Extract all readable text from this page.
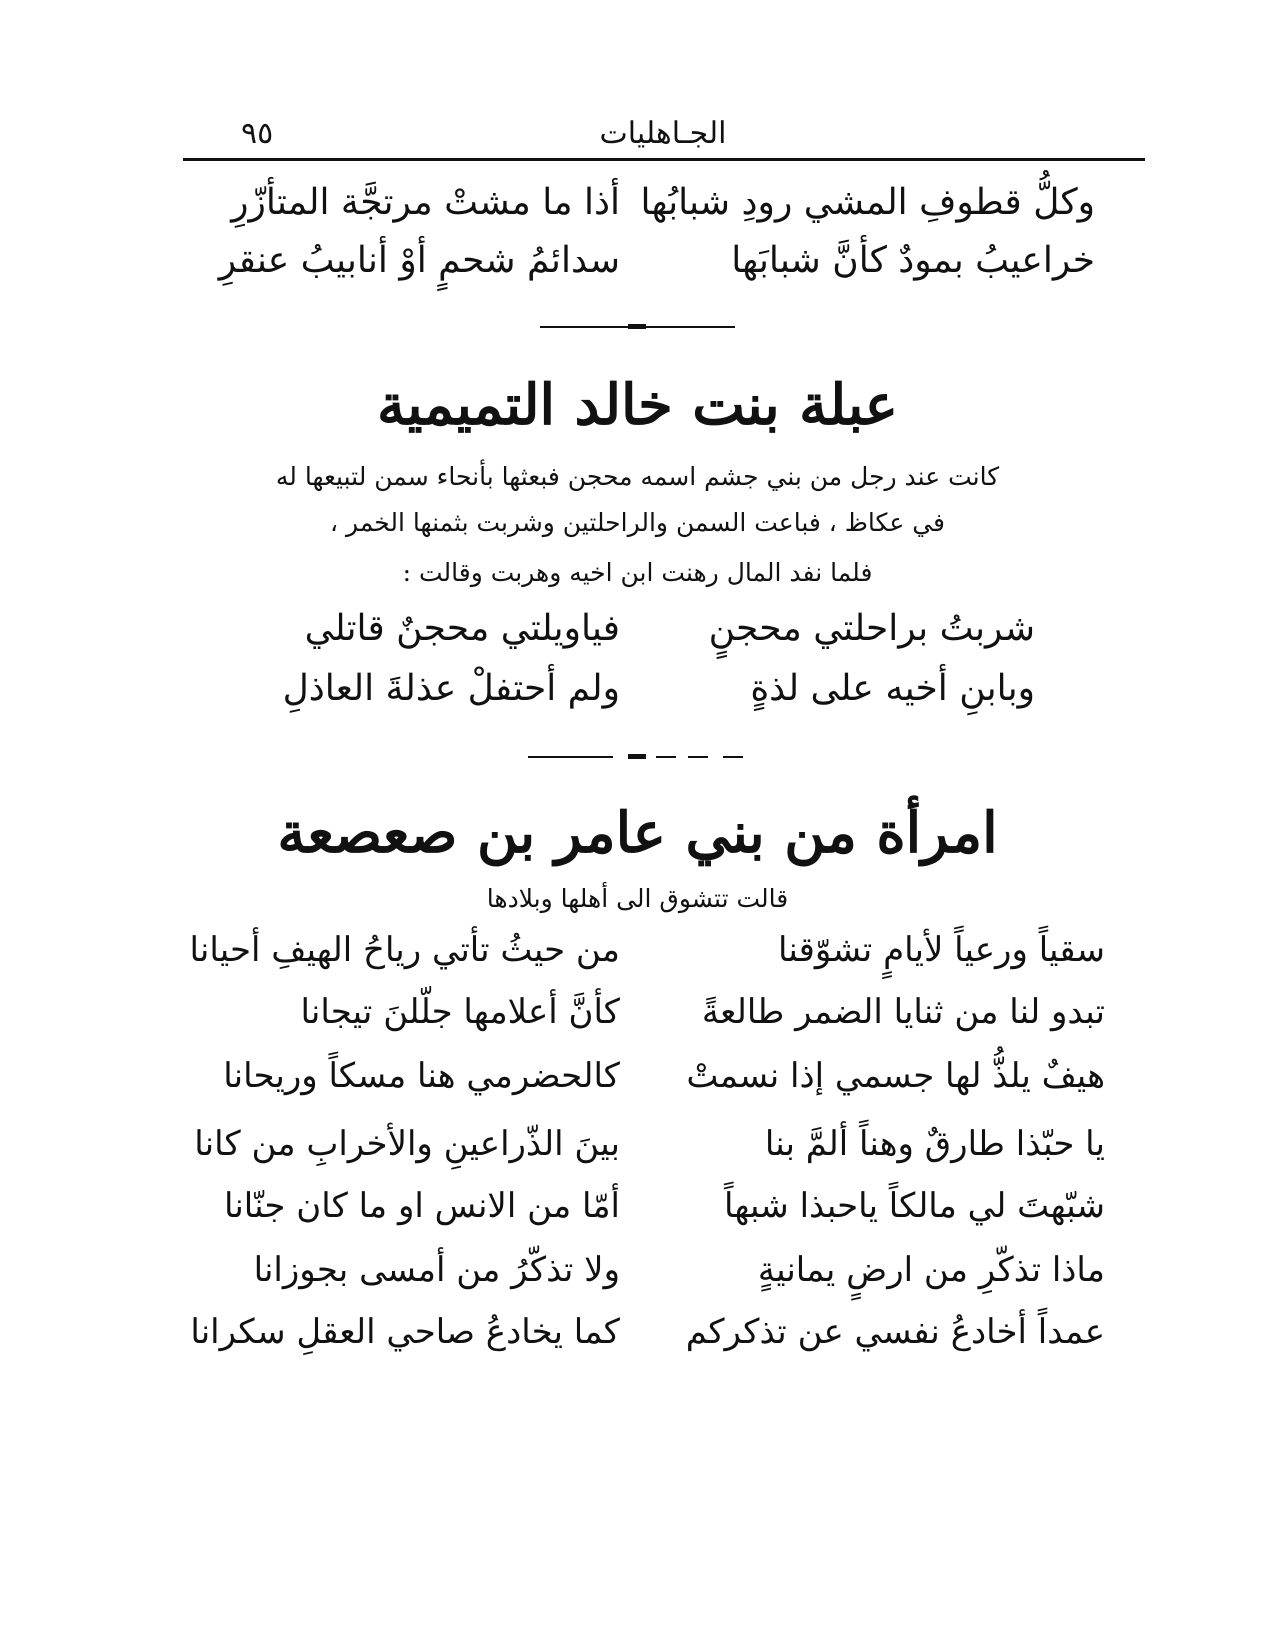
الجـاهليات
٩٥
وكلُّ قطوفِ المشي رودِ شبابُها
أذا ما مشتْ مرتجَّة المتأزّرِ
خراعيبُ بمودٌ كأنَّ شبابَها
سدائمُ شحمٍ أوْ أنابيبُ عنقرِ
عبلة بنت خالد التميمية
كانت عند رجل من بني جشم اسمه محجن فبعثها بأنحاء سمن لتبيعها له
في عكاظ ، فباعت السمن والراحلتين وشربت بثمنها الخمر ،
فلما نفد المال رهنت ابن اخيه وهربت وقالت :
شربتُ براحلتي محجنٍ
فياويلتي محجنٌ قاتلي
وبابنِ أخيه على لذةٍ
ولم أحتفلْ عذلةَ العاذلِ
امرأة من بني عامر بن صعصعة
قالت تتشوق الى أهلها وبلادها
سقياً ورعياً لأيامٍ تشوّقنا
من حيثُ تأتي رياحُ الهيفِ أحيانا
تبدو لنا من ثنايا الضمر طالعةً
كأنَّ أعلامها جلّلنَ تيجانا
هيفٌ يلذُّ لها جسمي إذا نسمتْ
كالحضرمي هنا مسكاً وريحانا
يا حبّذا طارقٌ وهناً ألمَّ بنا
بينَ الذّراعينِ والأخرابِ من كانا
شبّهتَ لي مالكاً ياحبذا شبهاً
أمّا من الانس او ما كان جنّانا
ماذا تذكّرِ من ارضٍ يمانيةٍ
ولا تذكّرُ من أمسى بجوزانا
عمداً أخادعُ نفسي عن تذكركم
كما يخادعُ صاحي العقلِ سكرانا
